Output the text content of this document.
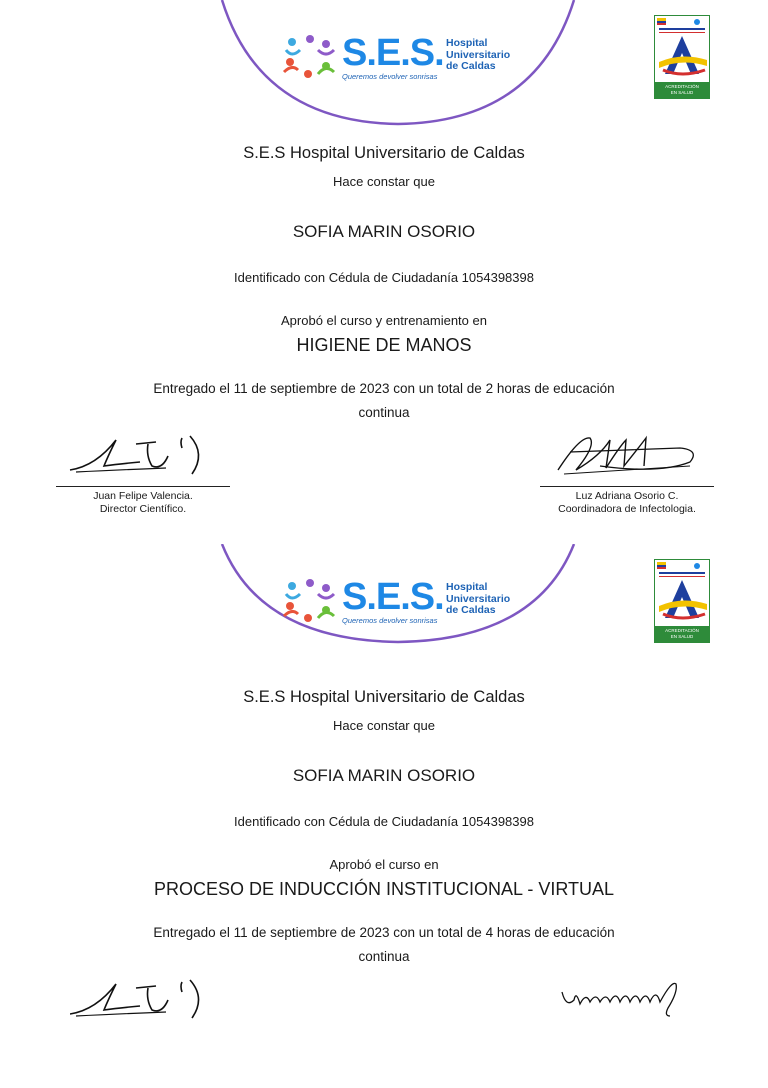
S.E.S. Hospital
Universitario
de Caldas
Queremos devolver sonrisas
ACREDITACIÓN
EN SALUD
S.E.S Hospital Universitario de Caldas
Hace constar que
SOFIA MARIN OSORIO
Identificado con Cédula de Ciudadanía 1054398398
Aprobó el curso y entrenamiento en
HIGIENE DE MANOS
Entregado el 11 de septiembre de 2023 con un total de 2 horas de educación
continua
Juan Felipe Valencia.
Director Científico.
Luz Adriana Osorio C.
Coordinadora de Infectologia.
S.E.S. Hospital
Universitario
de Caldas
Queremos devolver sonrisas
ACREDITACIÓN
EN SALUD
S.E.S Hospital Universitario de Caldas
Hace constar que
SOFIA MARIN OSORIO
Identificado con Cédula de Ciudadanía 1054398398
Aprobó el curso en
PROCESO DE INDUCCIÓN INSTITUCIONAL - VIRTUAL
Entregado el 11 de septiembre de 2023 con un total de 4 horas de educación
continua
